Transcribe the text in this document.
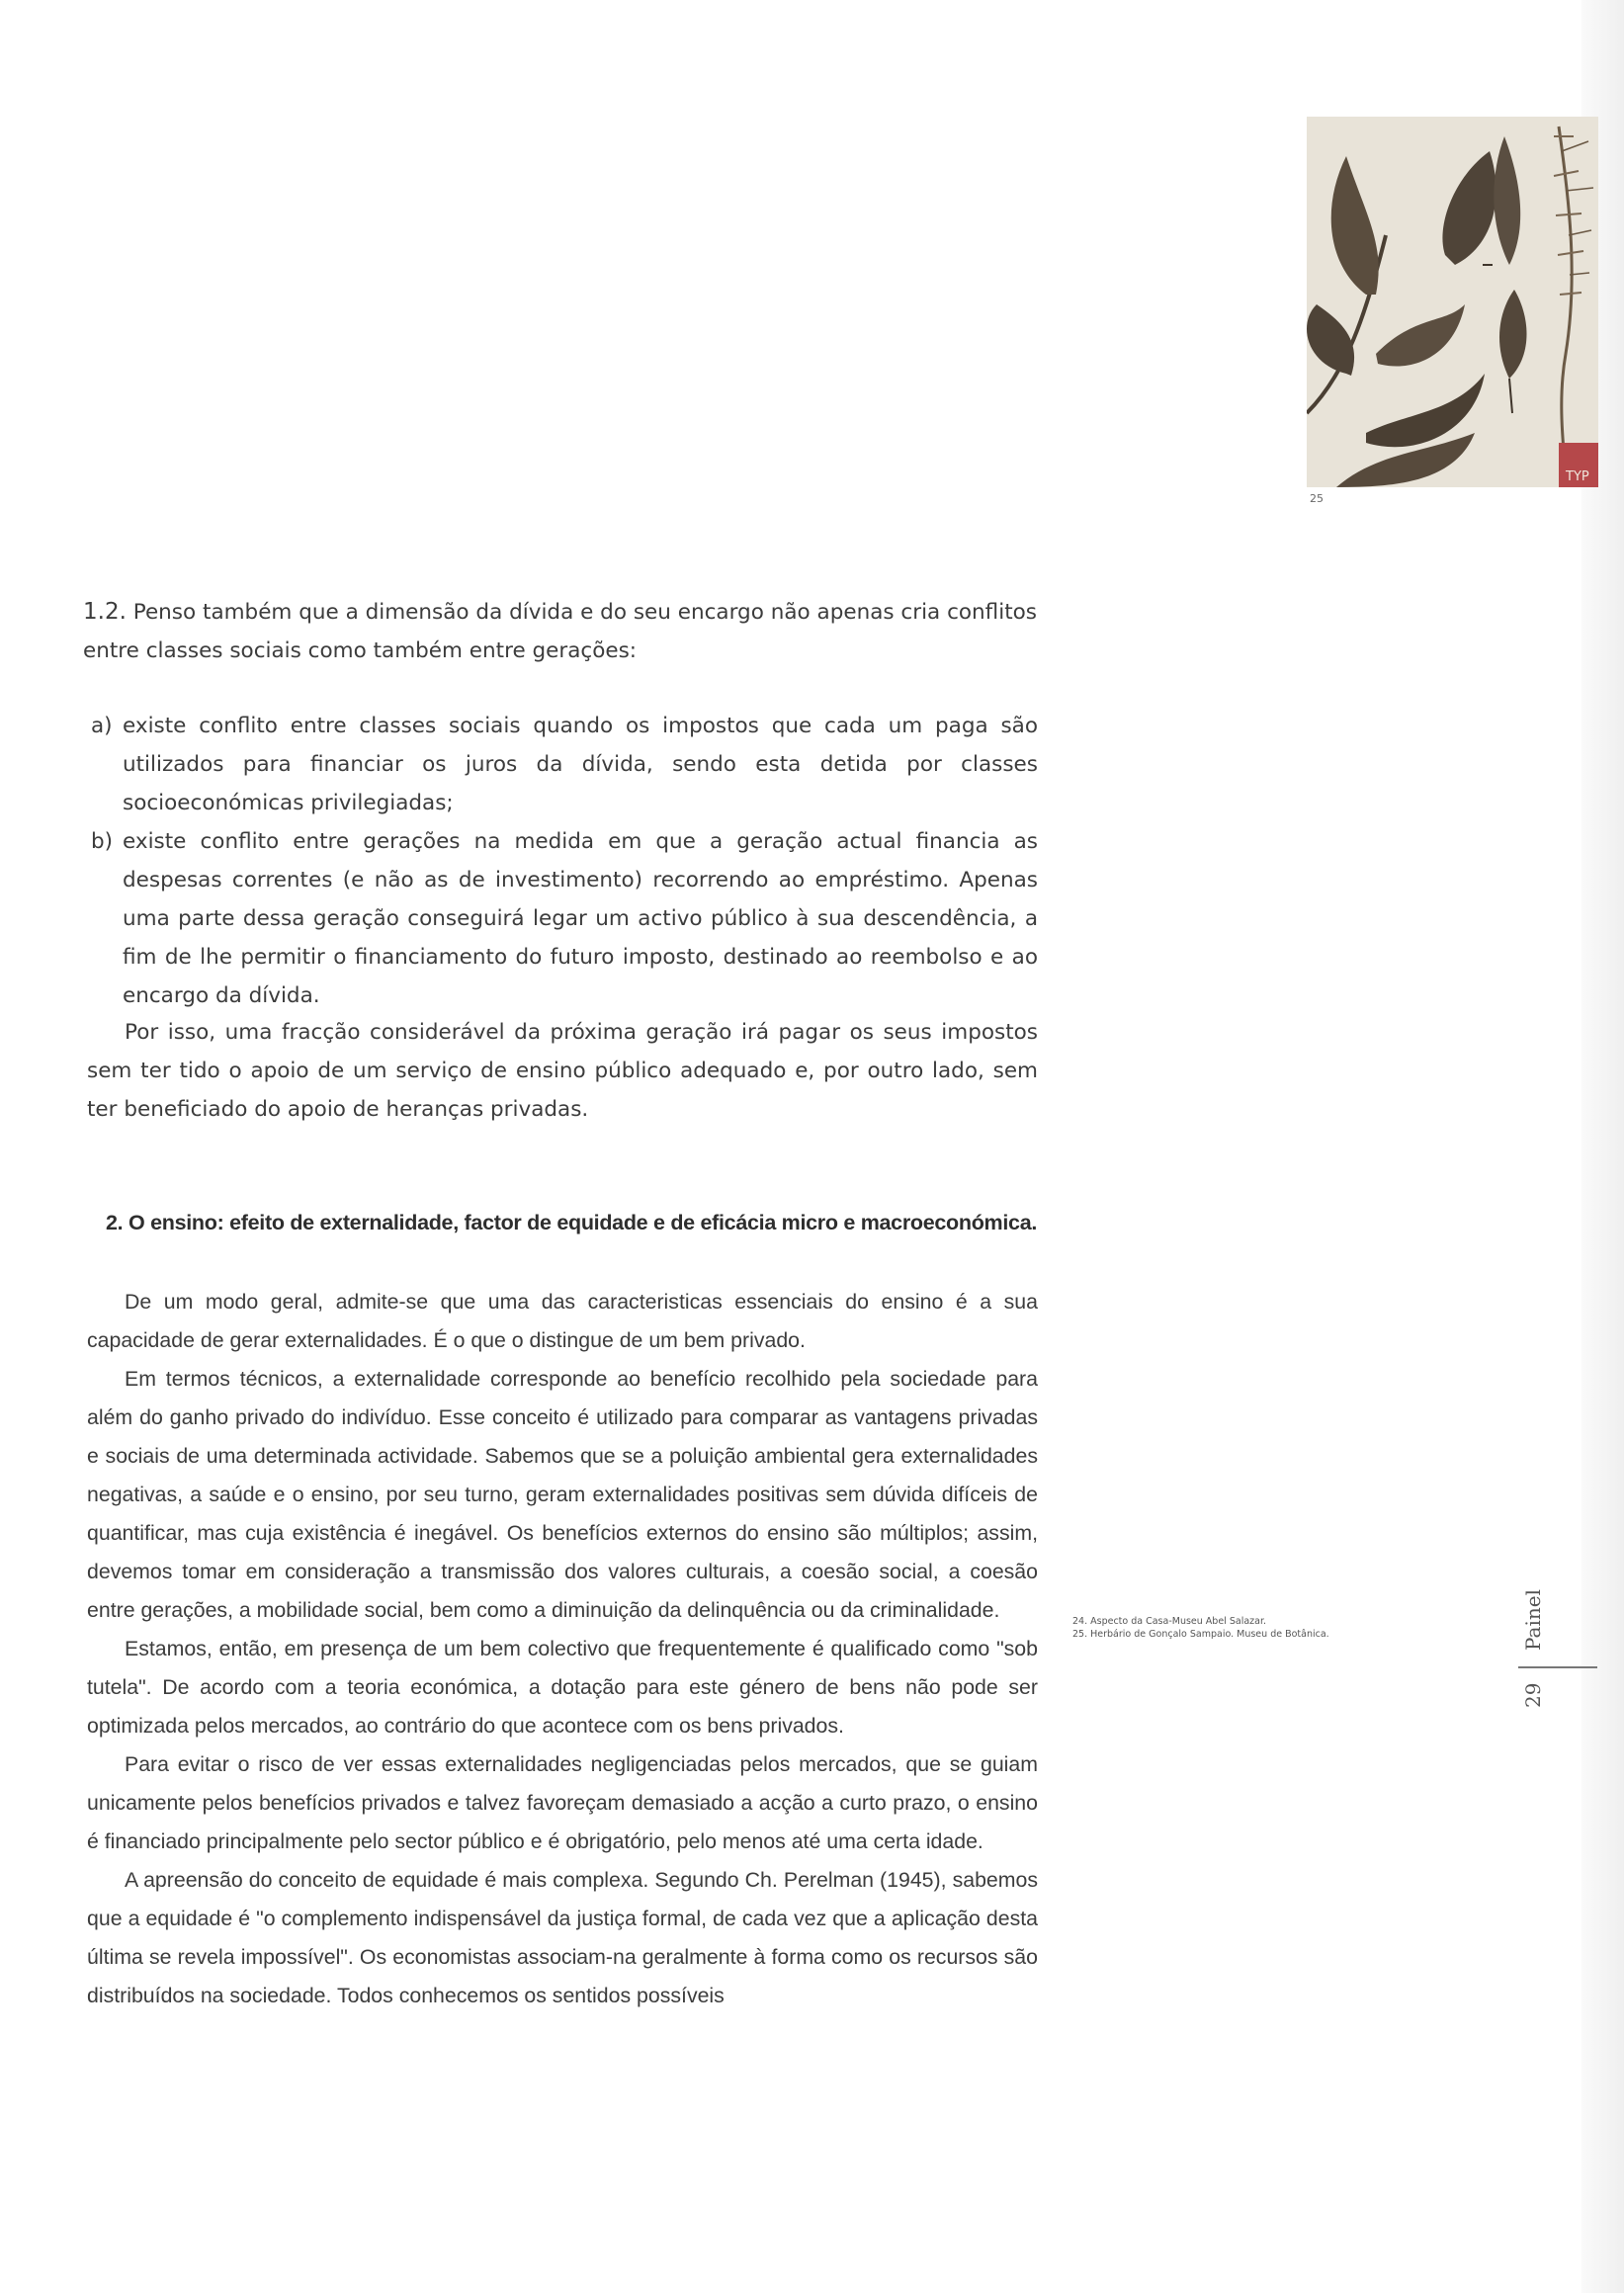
TYP
25

1.2. Penso também que a dimensão da dívida e do seu encargo não apenas cria conflitos entre classes sociais como também entre gerações:

a) existe conflito entre classes sociais quando os impostos que cada um paga são utilizados para financiar os juros da dívida, sendo esta detida por classes socioeconómicas privilegiadas;

b) existe conflito entre gerações na medida em que a geração actual financia as despesas correntes (e não as de investimento) recorrendo ao empréstimo. Apenas uma parte dessa geração conseguirá legar um activo público à sua descendência, a fim de lhe permitir o financiamento do futuro imposto, destinado ao reembolso e ao encargo da dívida.

Por isso, uma fracção considerável da próxima geração irá pagar os seus impostos sem ter tido o apoio de um serviço de ensino público adequado e, por outro lado, sem ter beneficiado do apoio de heranças privadas.

2. O ensino: efeito de externalidade, factor de equidade e de eficácia micro e macroeconómica.

De um modo geral, admite-se que uma das caracteristicas essenciais do ensino é a sua capacidade de gerar externalidades. É o que o distingue de um bem privado.

Em termos técnicos, a externalidade corresponde ao benefício recolhido pela sociedade para além do ganho privado do indivíduo. Esse conceito é utilizado para comparar as vantagens privadas e sociais de uma determinada actividade. Sabemos que se a poluição ambiental gera externalidades negativas, a saúde e o ensino, por seu turno, geram externalidades positivas sem dúvida difíceis de quantificar, mas cuja existência é inegável. Os benefícios externos do ensino são múltiplos; assim, devemos tomar em consideração a transmissão dos valores culturais, a coesão social, a coesão entre gerações, a mobilidade social, bem como a diminuição da delinquência ou da criminalidade.

Estamos, então, em presença de um bem colectivo que frequentemente é qualificado como "sob tutela". De acordo com a teoria económica, a dotação para este género de bens não pode ser optimizada pelos mercados, ao contrário do que acontece com os bens privados.

Para evitar o risco de ver essas externalidades negligenciadas pelos mercados, que se guiam unicamente pelos benefícios privados e talvez favoreçam demasiado a acção a curto prazo, o ensino é financiado principalmente pelo sector público e é obrigatório, pelo menos até uma certa idade.

A apreensão do conceito de equidade é mais complexa. Segundo Ch. Perelman (1945), sabemos que a equidade é "o complemento indispensável da justiça formal, de cada vez que a aplicação desta última se revela impossível". Os economistas associam-na geralmente à forma como os recursos são distribuídos na sociedade. Todos conhecemos os sentidos possíveis

24. Aspecto da Casa-Museu Abel Salazar.

25. Herbário de Gonçalo Sampaio. Museu de Botânica.	Painel
29
